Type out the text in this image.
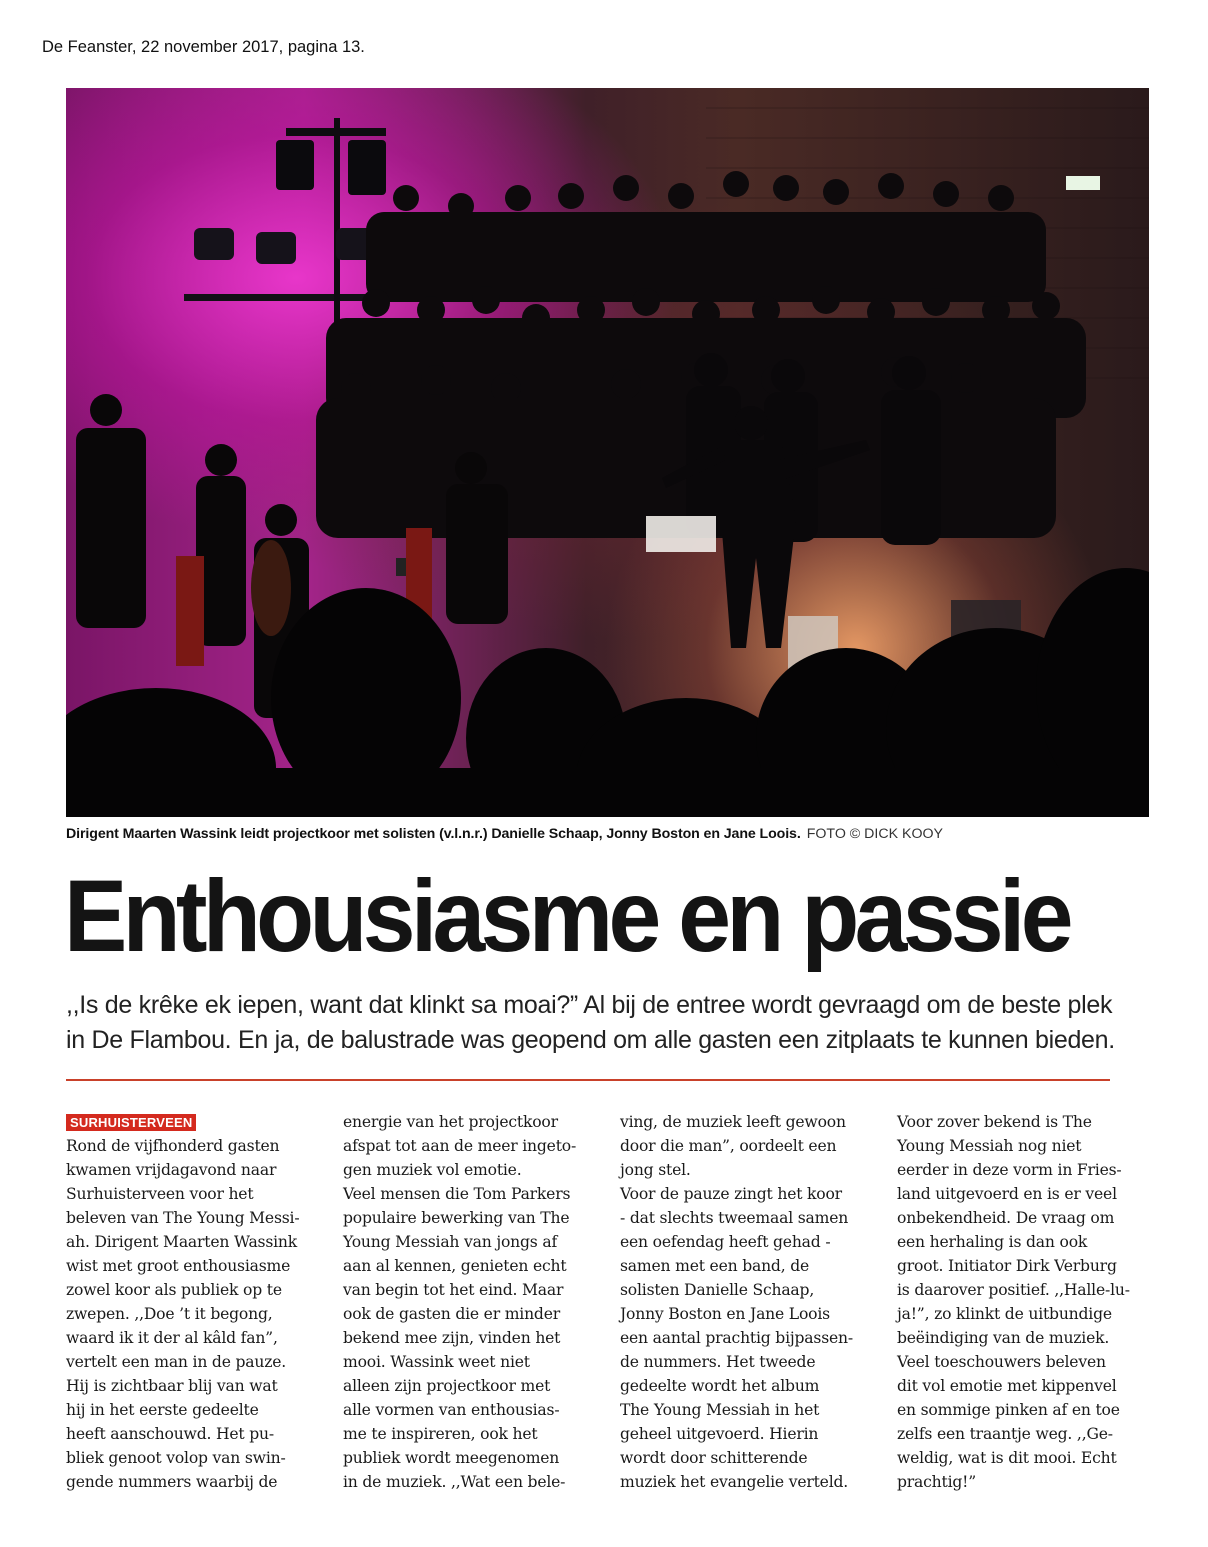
De Feanster, 22 november 2017, pagina 13.
Dirigent Maarten Wassink leidt projectkoor met solisten (v.l.n.r.) Danielle Schaap, Jonny Boston en Jane Loois. FOTO © DICK KOOY
Enthousiasme en passie
,,Is de krêke ek iepen, want dat klinkt sa moai?” Al bij de entree wordt gevraagd om de beste plek
in De Flambou. En ja, de balustrade was geopend om alle gasten een zitplaats te kunnen bieden.
SURHUISTERVEEN
Rond de vijfhonderd gasten
kwamen vrijdagavond naar
Surhuisterveen voor het
beleven van The Young Messi-
ah. Dirigent Maarten Wassink
wist met groot enthousiasme
zowel koor als publiek op te
zwepen. ,,Doe ’t it begong,
waard ik it der al kâld fan”,
vertelt een man in de pauze.
Hij is zichtbaar blij van wat
hij in het eerste gedeelte
heeft aanschouwd. Het pu-
bliek genoot volop van swin-
gende nummers waarbij de
energie van het projectkoor
afspat tot aan de meer ingeto-
gen muziek vol emotie.
Veel mensen die Tom Parkers
populaire bewerking van The
Young Messiah van jongs af
aan al kennen, genieten echt
van begin tot het eind. Maar
ook de gasten die er minder
bekend mee zijn, vinden het
mooi. Wassink weet niet
alleen zijn projectkoor met
alle vormen van enthousias-
me te inspireren, ook het
publiek wordt meegenomen
in de muziek. ,,Wat een bele-
ving, de muziek leeft gewoon
door die man”, oordeelt een
jong stel.
Voor de pauze zingt het koor
- dat slechts tweemaal samen
een oefendag heeft gehad -
samen met een band, de
solisten Danielle Schaap,
Jonny Boston en Jane Loois
een aantal prachtig bijpassen-
de nummers. Het tweede
gedeelte wordt het album
The Young Messiah in het
geheel uitgevoerd. Hierin
wordt door schitterende
muziek het evangelie verteld.
Voor zover bekend is The
Young Messiah nog niet
eerder in deze vorm in Fries-
land uitgevoerd en is er veel
onbekendheid. De vraag om
een herhaling is dan ook
groot. Initiator Dirk Verburg
is daarover positief. ,,Halle-lu-
ja!”, zo klinkt de uitbundige
beëindiging van de muziek.
Veel toeschouwers beleven
dit vol emotie met kippenvel
en sommige pinken af en toe
zelfs een traantje weg. ,,Ge-
weldig, wat is dit mooi. Echt
prachtig!”
